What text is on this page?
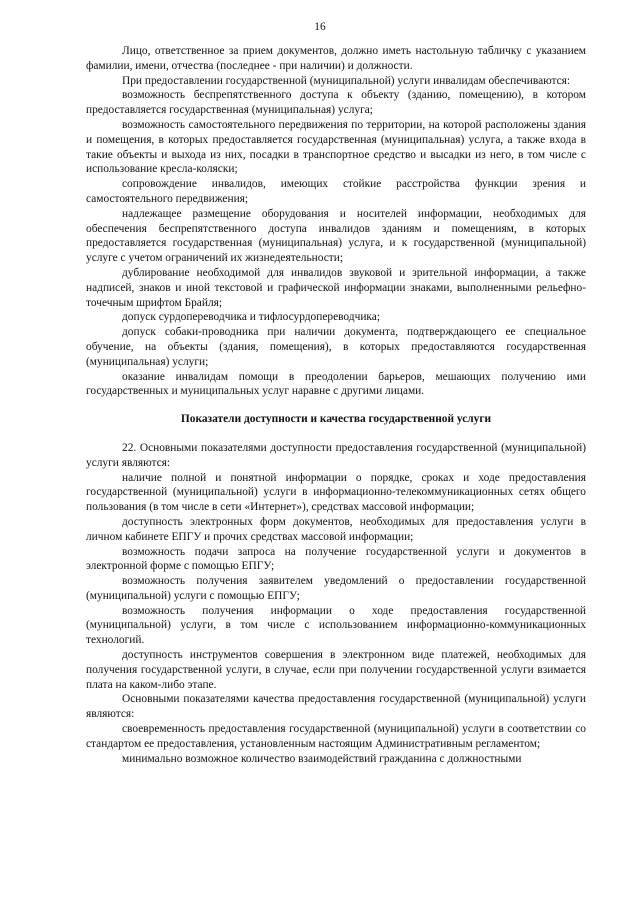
16

Лицо, ответственное за прием документов, должно иметь настольную табличку с указанием фамилии, имени, отчества (последнее - при наличии) и должности.

При предоставлении государственной (муниципальной) услуги инвалидам обеспечиваются:

возможность беспрепятственного доступа к объекту (зданию, помещению), в котором предоставляется государственная (муниципальная) услуга;

возможность самостоятельного передвижения по территории, на которой расположены здания и помещения, в которых предоставляется государственная (муниципальная) услуга, а также входа в такие объекты и выхода из них, посадки в транспортное средство и высадки из него, в том числе с использование кресла-коляски;

сопровождение инвалидов, имеющих стойкие расстройства функции зрения и самостоятельного передвижения;

надлежащее размещение оборудования и носителей информации, необходимых для обеспечения беспрепятственного доступа инвалидов зданиям и помещениям, в которых предоставляется государственная (муниципальная) услуга, и к государственной (муниципальной) услуге с учетом ограничений их жизнедеятельности;

дублирование необходимой для инвалидов звуковой и зрительной информации, а также надписей, знаков и иной текстовой и графической информации знаками, выполненными рельефно-точечным шрифтом Брайля;

допуск сурдопереводчика и тифлосурдопереводчика;

допуск собаки-проводника при наличии документа, подтверждающего ее специальное обучение, на объекты (здания, помещения), в которых предоставляются государственная (муниципальная) услуги;

оказание инвалидам помощи в преодолении барьеров, мешающих получению ими государственных и муниципальных услуг наравне с другими лицами.

Показатели доступности и качества государственной услуги

22. Основными показателями доступности предоставления государственной (муниципальной) услуги являются:

наличие полной и понятной информации о порядке, сроках и ходе предоставления государственной (муниципальной) услуги в информационно-телекоммуникационных сетях общего пользования (в том числе в сети «Интернет»), средствах массовой информации;

доступность электронных форм документов, необходимых для предоставления услуги в личном кабинете ЕПГУ и прочих средствах массовой информации;

возможность подачи запроса на получение государственной услуги и документов в электронной форме с помощью ЕПГУ;

возможность получения заявителем уведомлений о предоставлении государственной (муниципальной) услуги с помощью ЕПГУ;

возможность получения информации о ходе предоставления государственной (муниципальной) услуги, в том числе с использованием информационно-коммуникационных технологий.

доступность инструментов совершения в электронном виде платежей, необходимых для получения государственной услуги, в случае, если при получении государственной услуги взимается плата на каком-либо этапе.

Основными показателями качества предоставления государственной (муниципальной) услуги являются:

своевременность предоставления государственной (муниципальной) услуги в соответствии со стандартом ее предоставления, установленным настоящим Административным регламентом;

минимально возможное количество взаимодействий гражданина с должностными
